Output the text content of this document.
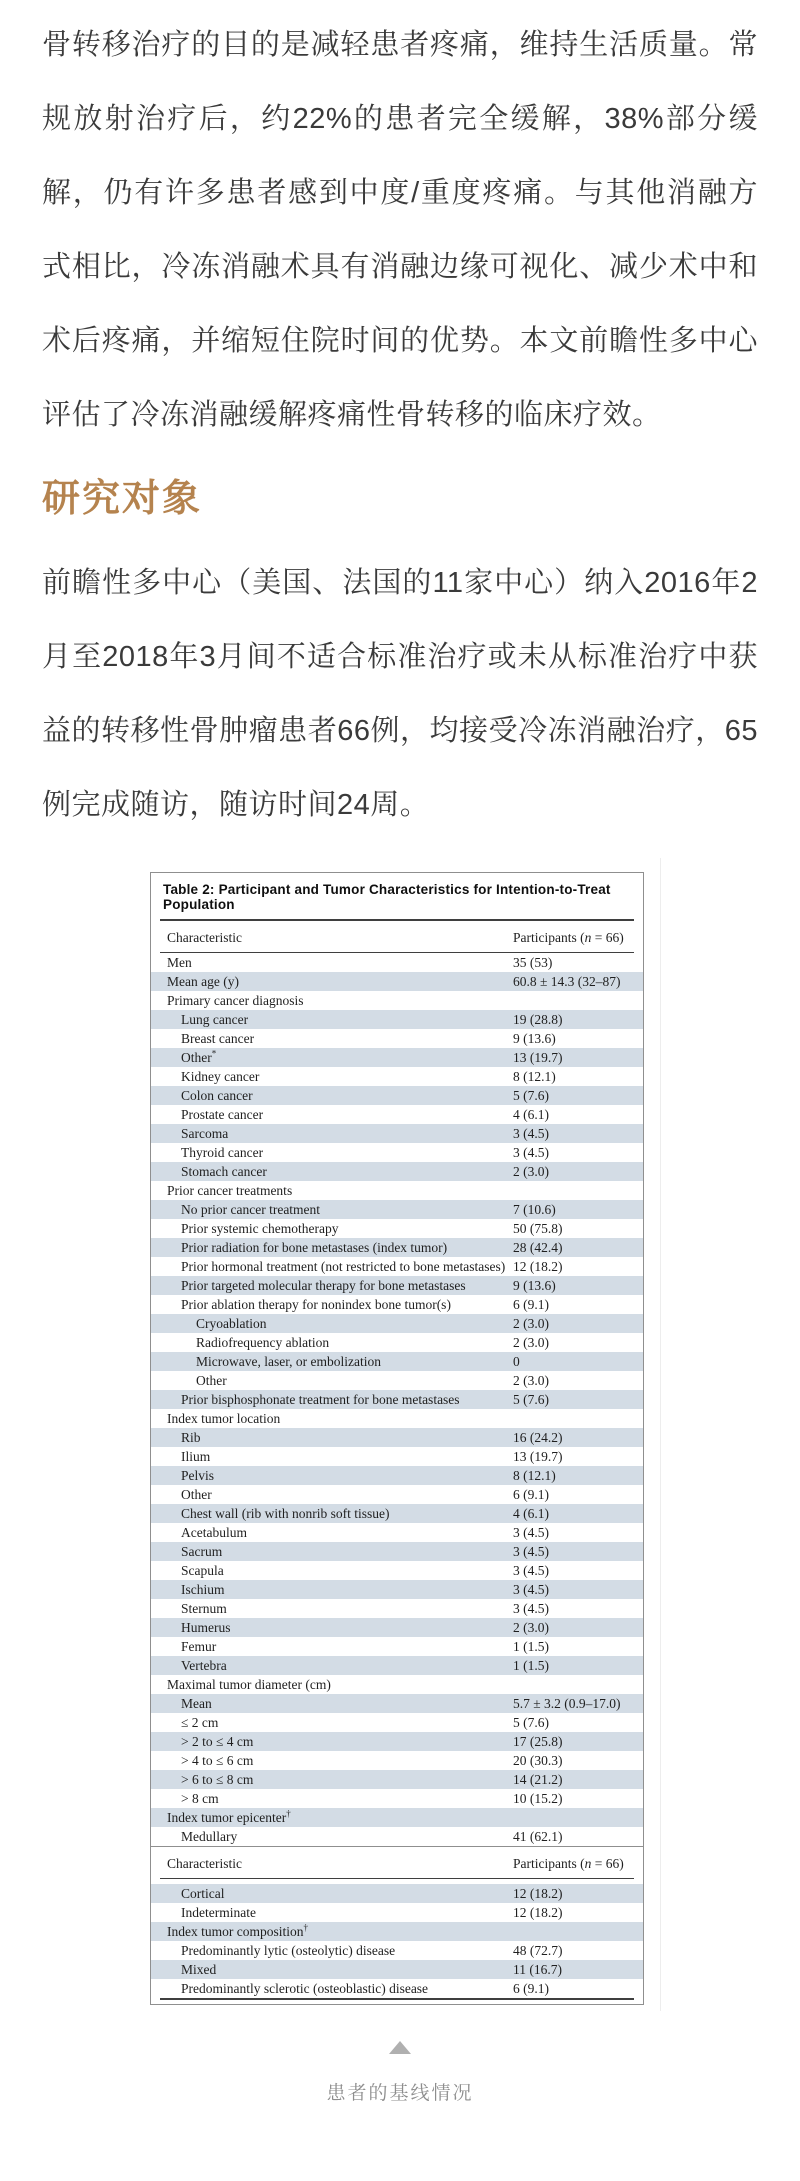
骨转移治疗的目的是减轻患者疼痛，维持生活质量。常规放射治疗后，约22%的患者完全缓解，38%部分缓解，仍有许多患者感到中度/重度疼痛。与其他消融方式相比，冷冻消融术具有消融边缘可视化、减少术中和术后疼痛，并缩短住院时间的优势。本文前瞻性多中心评估了冷冻消融缓解疼痛性骨转移的临床疗效。

研究对象

前瞻性多中心（美国、法国的11家中心）纳入2016年2月至2018年3月间不适合标准治疗或未从标准治疗中获益的转移性骨肿瘤患者66例，均接受冷冻消融治疗，65例完成随访，随访时间24周。

Table 2: Participant and Tumor Characteristics for Intention-to-Treat Population
Characteristic	Participants (n = 66)
Men	35 (53)
Mean age (y)	60.8 ± 14.3 (32–87)
Primary cancer diagnosis
Lung cancer	19 (28.8)
Breast cancer	9 (13.6)
Other*	13 (19.7)
Kidney cancer	8 (12.1)
Colon cancer	5 (7.6)
Prostate cancer	4 (6.1)
Sarcoma	3 (4.5)
Thyroid cancer	3 (4.5)
Stomach cancer	2 (3.0)
Prior cancer treatments
No prior cancer treatment	7 (10.6)
Prior systemic chemotherapy	50 (75.8)
Prior radiation for bone metastases (index tumor)	28 (42.4)
Prior hormonal treatment (not restricted to bone metastases) 12 (18.2)
Prior targeted molecular therapy for bone metastases	9 (13.6)
Prior ablation therapy for nonindex bone tumor(s)	6 (9.1)
Cryoablation	2 (3.0)
Radiofrequency ablation	2 (3.0)
Microwave, laser, or embolization	0
Other	2 (3.0)
Prior bisphosphonate treatment for bone metastases	5 (7.6)
Index tumor location
Rib	16 (24.2)
Ilium	13 (19.7)
Pelvis	8 (12.1)
Other	6 (9.1)
Chest wall (rib with nonrib soft tissue)	4 (6.1)
Acetabulum	3 (4.5)
Sacrum	3 (4.5)
Scapula	3 (4.5)
Ischium	3 (4.5)
Sternum	3 (4.5)
Humerus	2 (3.0)
Femur	1 (1.5)
Vertebra	1 (1.5)
Maximal tumor diameter (cm)
Mean	5.7 ± 3.2 (0.9–17.0)
≤ 2 cm	5 (7.6)
> 2 to ≤ 4 cm	17 (25.8)
> 4 to ≤ 6 cm	20 (30.3)
> 6 to ≤ 8 cm	14 (21.2)
> 8 cm	10 (15.2)
Index tumor epicenter†
Medullary	41 (62.1)
Characteristic	Participants (n = 66)
Cortical	12 (18.2)
Indeterminate	12 (18.2)
Index tumor composition†
Predominantly lytic (osteolytic) disease	48 (72.7)
Mixed	11 (16.7)
Predominantly sclerotic (osteoblastic) disease	6 (9.1)
患者的基线情况
